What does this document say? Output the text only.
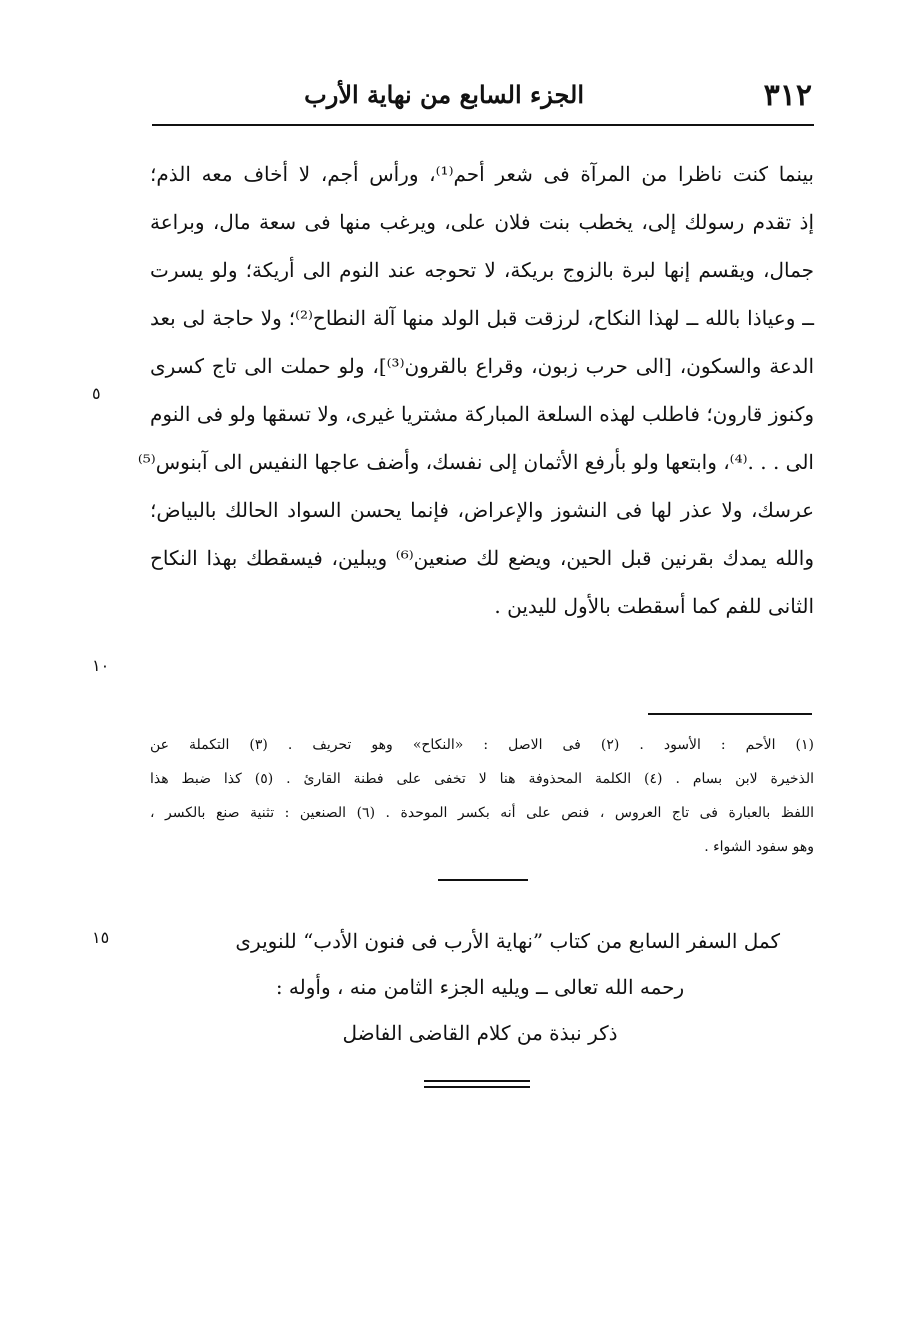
٣١٢
الجزء السابع من نهاية الأرب
بينما كنت ناظرا من المرآة فى شعر أحم⁽¹⁾، ورأس أجم، لا أخاف معه الذم؛
إذ تقدم رسولك إلى، يخطب بنت فلان على، ويرغب منها فى سعة مال، وبراعة
جمال، ويقسم إنها لبرة بالزوج بريكة، لا تحوجه عند النوم الى أريكة؛ ولو يسرت
ــ وعياذا بالله ــ لهذا النكاح، لرزقت قبل الولد منها آلة النطاح⁽²⁾؛ ولا حاجة لى بعد
الدعة والسكون، [الى حرب زبون، وقراع بالقرون⁽³⁾]، ولو حملت الى تاج كسرى
وكنوز قارون؛ فاطلب لهذه السلعة المباركة مشتريا غيرى، ولا تسقها ولو فى النوم
الى . . .⁽⁴⁾، وابتعها ولو بأرفع الأثمان إلى نفسك، وأضف عاجها النفيس الى آبنوس⁽⁵⁾
عرسك، ولا عذر لها فى النشوز والإعراض، فإنما يحسن السواد الحالك بالبياض؛
والله يمدك بقرنين قبل الحين، ويضع لك صنعين⁽⁶⁾ ويبلين، فيسقطك بهذا النكاح
الثانى للفم كما أسقطت بالأول لليدين .
٥
١٠
١٥
(١) الأحم : الأسود . (٢) فى الاصل : «النكاح» وهو تحريف . (٣) التكملة عن
الذخيرة لابن بسام . (٤) الكلمة المحذوفة هنا لا تخفى على فطنة القارئ . (٥) كذا ضبط هذا
اللفظ بالعبارة فى تاج العروس ، فنص على أنه بكسر الموحدة . (٦) الصنعين : تثنية صنع بالكسر ،
وهو سفود الشواء .
كمل السفر السابع من كتاب ”نهاية الأرب فى فنون الأدب“ للنويرى
رحمه الله تعالى ــ ويليه الجزء الثامن منه ، وأوله :
ذكر نبذة من كلام القاضى الفاضل
